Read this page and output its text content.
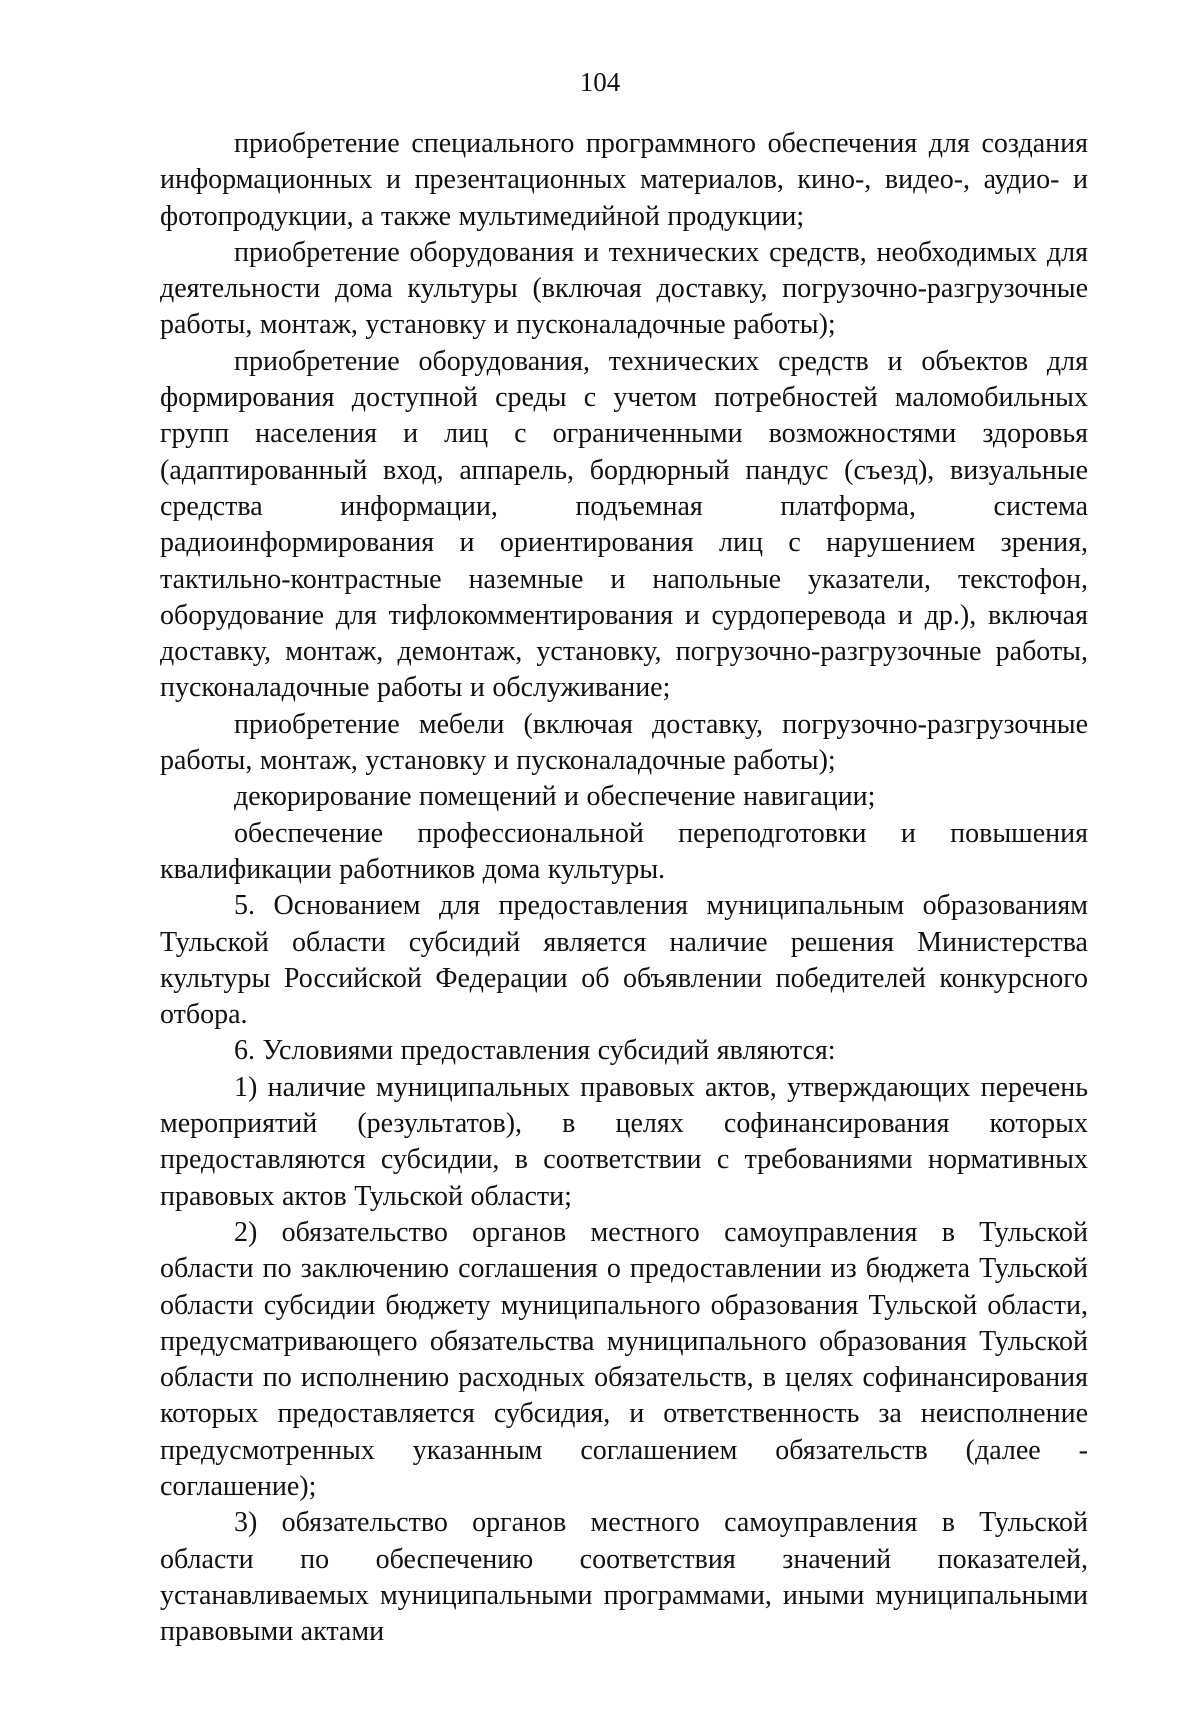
104

приобретение специального программного обеспечения для создания информационных и презентационных материалов, кино-, видео-, аудио- и фотопродукции, а также мультимедийной продукции;

приобретение оборудования и технических средств, необходимых для деятельности дома культуры (включая доставку, погрузочно-разгрузочные работы, монтаж, установку и пусконаладочные работы);

приобретение оборудования, технических средств и объектов для формирования доступной среды с учетом потребностей маломобильных групп населения и лиц с ограниченными возможностями здоровья (адаптированный вход, аппарель, бордюрный пандус (съезд), визуальные средства информации, подъемная платформа, система радиоинформирования и ориентирования лиц с нарушением зрения, тактильно-контрастные наземные и напольные указатели, текстофон, оборудование для тифлокомментирования и сурдоперевода и др.), включая доставку, монтаж, демонтаж, установку, погрузочно-разгрузочные работы, пусконаладочные работы и обслуживание;

приобретение мебели (включая доставку, погрузочно-разгрузочные работы, монтаж, установку и пусконаладочные работы);

декорирование помещений и обеспечение навигации;

обеспечение профессиональной переподготовки и повышения квалификации работников дома культуры.

5. Основанием для предоставления муниципальным образованиям Тульской области субсидий является наличие решения Министерства культуры Российской Федерации об объявлении победителей конкурсного отбора.

6. Условиями предоставления субсидий являются:

1) наличие муниципальных правовых актов, утверждающих перечень мероприятий (результатов), в целях софинансирования которых предоставляются субсидии, в соответствии с требованиями нормативных правовых актов Тульской области;

2) обязательство органов местного самоуправления в Тульской области по заключению соглашения о предоставлении из бюджета Тульской области субсидии бюджету муниципального образования Тульской области, предусматривающего обязательства муниципального образования Тульской области по исполнению расходных обязательств, в целях софинансирования которых предоставляется субсидия, и ответственность за неисполнение предусмотренных указанным соглашением обязательств (далее - соглашение);

3) обязательство органов местного самоуправления в Тульской области по обеспечению соответствия значений показателей, устанавливаемых муниципальными программами, иными муниципальными правовыми актами
